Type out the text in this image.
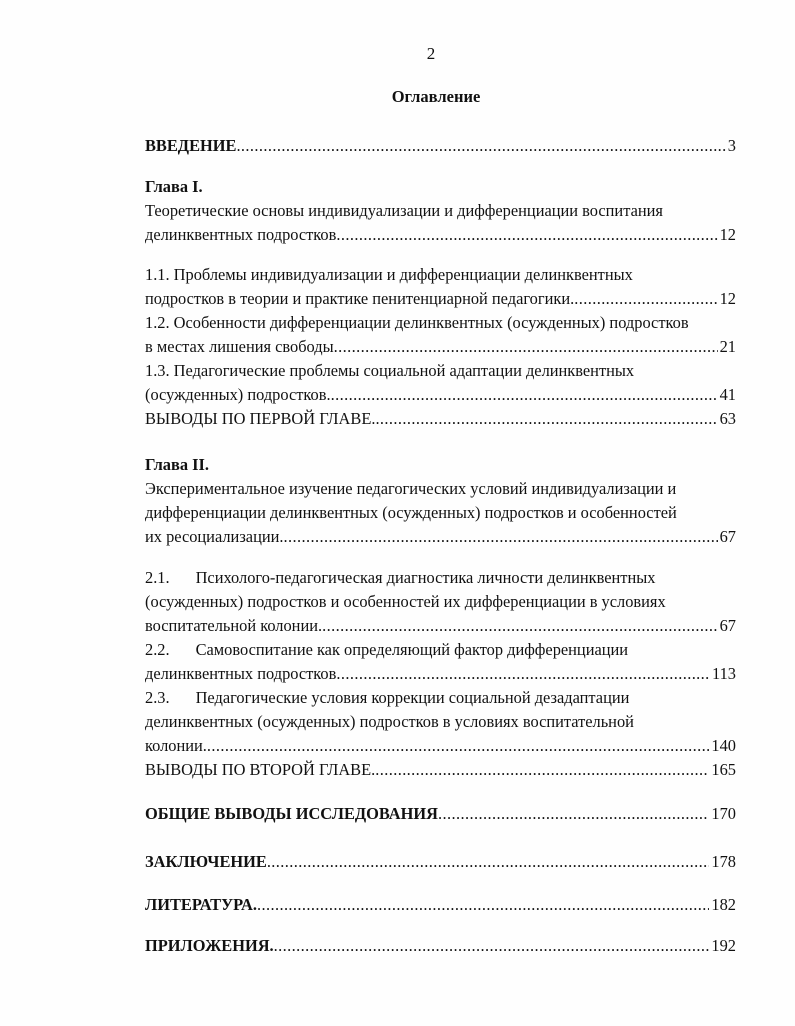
2
Оглавление
ВВЕДЕНИЕ .....	3
Глава I.
Теоретические основы индивидуализации и дифференциации воспитания
делинквентных подростков .....	12
1.1. Проблемы индивидуализации и дифференциации делинквентных
подростков в теории и практике пенитенциарной педагогики. .....	12
1.2. Особенности дифференциации делинквентных (осужденных) подростков
в местах лишения свободы .....	21
1.3. Педагогические проблемы социальной адаптации делинквентных
(осужденных) подростков. .....	41
ВЫВОДЫ ПО ПЕРВОЙ ГЛАВЕ. .....	63
Глава II.
Экспериментальное изучение педагогических условий индивидуализации и
дифференциации делинквентных (осужденных) подростков и особенностей
их ресоциализации. .....	67
2.1. Психолого-педагогическая диагностика личности делинквентных
(осужденных) подростков и особенностей их дифференциации в условиях
воспитательной колонии. .....	67
2.2. Самовоспитание как определяющий фактор дифференциации
делинквентных подростков .....	113
2.3. Педагогические условия коррекции социальной дезадаптации
делинквентных (осужденных) подростков в условиях воспитательной
колонии. .....	140
ВЫВОДЫ ПО ВТОРОЙ ГЛАВЕ. .....	165
ОБЩИЕ ВЫВОДЫ ИССЛЕДОВАНИЯ .....	170
ЗАКЛЮЧЕНИЕ .....	178
ЛИТЕРАТУРА. .....	182
ПРИЛОЖЕНИЯ. .....	192
